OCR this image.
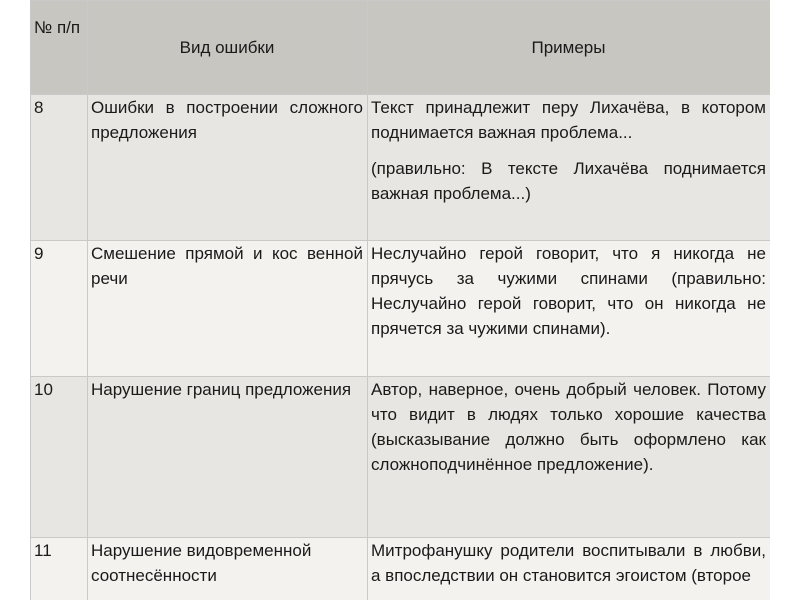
№ п/п	Вид ошибки	Примеры
8	Ошибки в построении сложного предложения	Текст принадлежит перу Лихачёва, в котором поднимается важная проблема...
(правильно: В тексте Лихачёва поднимается важная проблема...)

9	Смешение прямой и кос венной речи	Неслучайно герой говорит, что я никогда не прячусь за чужими спинами (правильно: Неслучайно герой говорит, что он никогда не прячется за чужими спинами).
10	Нарушение границ предложения	Автор, наверное, очень добрый человек. Потому что видит в людях только хорошие качества (высказывание должно быть оформлено как сложноподчинённое предложение).
11	Нарушение видовременной соотнесённости	Митрофанушку родители воспитывали в любви, а впоследствии он становится эгоистом (второе
